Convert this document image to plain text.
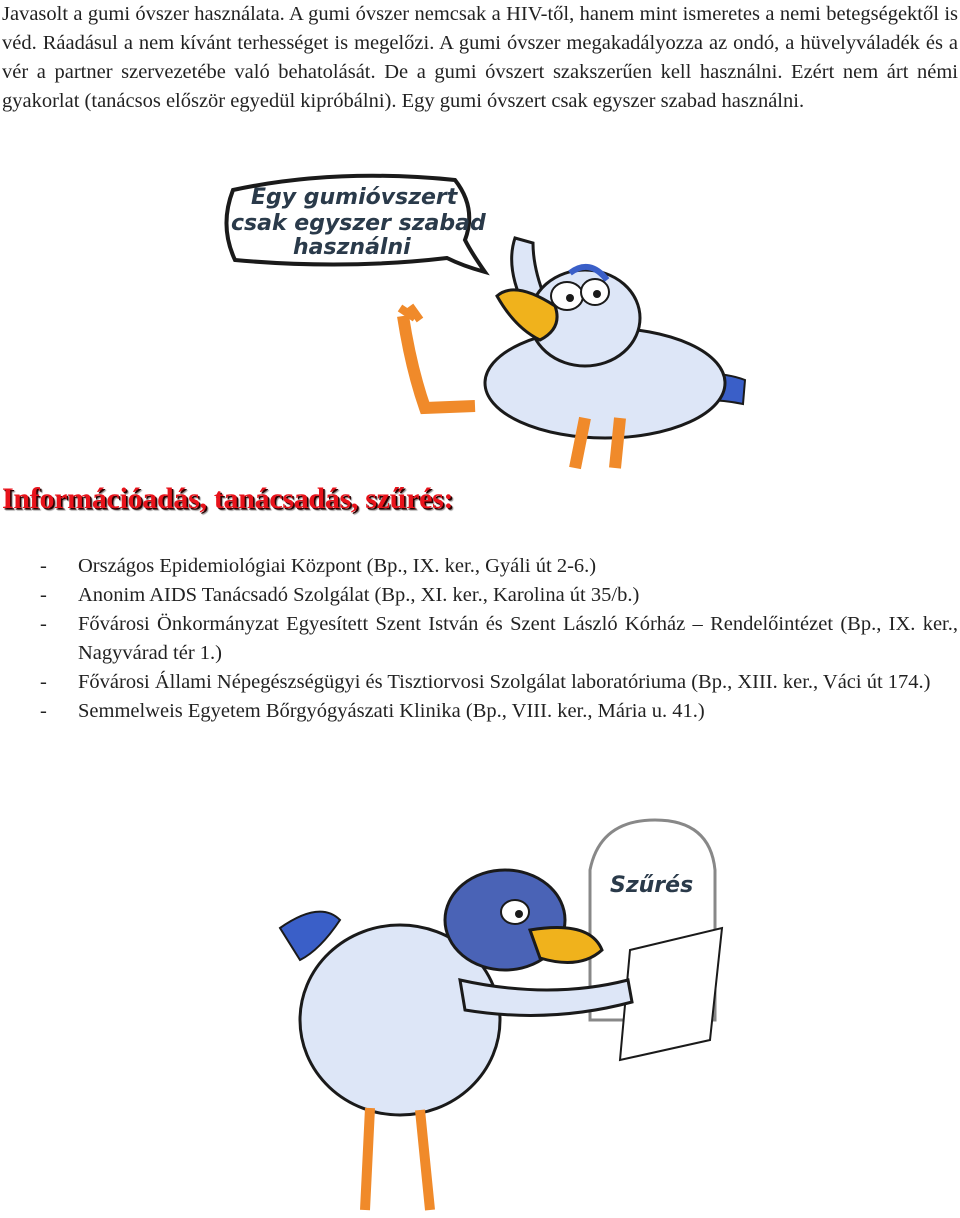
Javasolt a gumi óvszer használata. A gumi óvszer nemcsak a HIV-től, hanem mint ismeretes a nemi betegségektől is véd. Ráadásul a nem kívánt terhességet is megelőzi. A gumi óvszer megakadályozza az ondó, a hüvelyváladék és a vér a partner szervezetébe való behatolását. De a gumi óvszert szakszerűen kell használni. Ezért nem árt némi gyakorlat (tanácsos először egyedül kipróbálni). Egy gumi óvszert csak egyszer szabad használni.

Egy gumióvszert
csak egyszer szabad
használni
Információadás, tanácsadás, szűrés:
- Országos Epidemiológiai Központ (Bp., IX. ker., Gyáli út 2-6.)
- Anonim AIDS Tanácsadó Szolgálat (Bp., XI. ker., Karolina út 35/b.)
- Fővárosi Önkormányzat Egyesített Szent István és Szent László Kórház – Rendelőintézet (Bp., IX. ker., Nagyvárad tér 1.)
- Fővárosi Állami Népegészségügyi és Tisztiorvosi Szolgálat laboratóriuma (Bp., XIII. ker., Váci út 174.)
- Semmelweis Egyetem Bőrgyógyászati Klinika (Bp., VIII. ker., Mária u. 41.)
Szűrés
